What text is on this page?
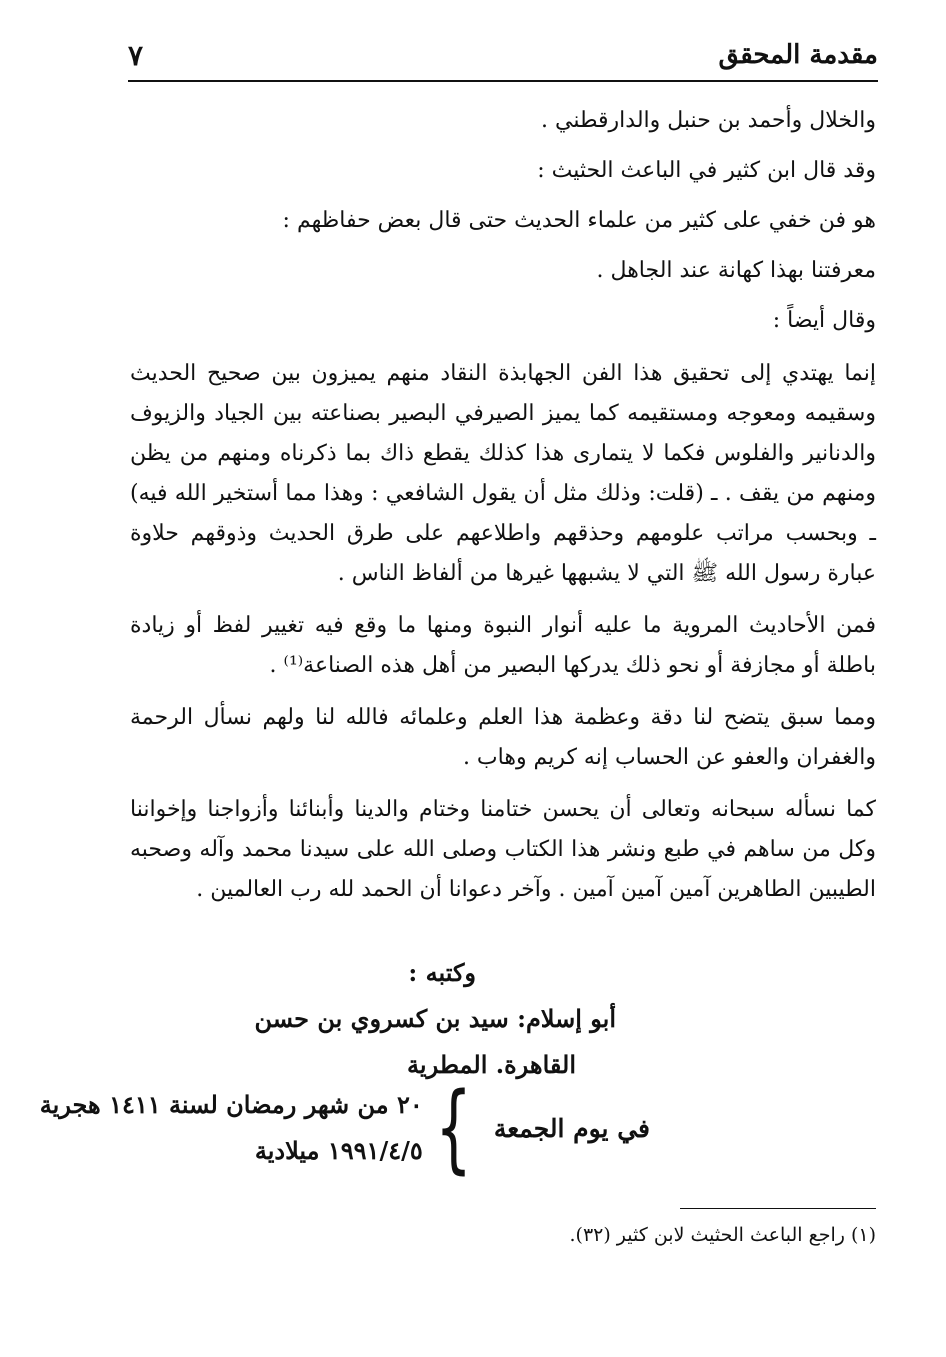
مقدمة المحقق
٧

والخلال وأحمد بن حنبل والدارقطني .

وقد قال ابن كثير في الباعث الحثيث :

هو فن خفي على كثير من علماء الحديث حتى قال بعض حفاظهم :

معرفتنا بهذا كهانة عند الجاهل .

وقال أيضاً :

إنما يهتدي إلى تحقيق هذا الفن الجهابذة النقاد منهم يميزون بين صحيح الحديث وسقيمه ومعوجه ومستقيمه كما يميز الصيرفي البصير بصناعته بين الجياد والزيوف والدنانير والفلوس فكما لا يتمارى هذا كذلك يقطع ذاك بما ذكرناه ومنهم من يظن ومنهم من يقف . ـ (قلت: وذلك مثل أن يقول الشافعي : وهذا مما أستخير الله فيه) ـ وبحسب مراتب علومهم وحذقهم واطلاعهم على طرق الحديث وذوقهم حلاوة عبارة رسول الله ﷺ التي لا يشبهها غيرها من ألفاظ الناس .

فمن الأحاديث المروية ما عليه أنوار النبوة ومنها ما وقع فيه تغيير لفظ أو زيادة باطلة أو مجازفة أو نحو ذلك يدركها البصير من أهل هذه الصناعة⁽¹⁾ .

ومما سبق يتضح لنا دقة وعظمة هذا العلم وعلمائه فالله لنا ولهم نسأل الرحمة والغفران والعفو عن الحساب إنه كريم وهاب .

كما نسأله سبحانه وتعالى أن يحسن ختامنا وختام والدينا وأبنائنا وأزواجنا وإخواننا وكل من ساهم في طبع ونشر هذا الكتاب وصلى الله على سيدنا محمد وآله وصحبه الطيبين الطاهرين آمين آمين آمين . وآخر دعوانا أن الحمد لله رب العالمين .

وكتبه :
أبو إسلام: سيد بن كسروي بن حسن
القاهرة. المطرية
في يوم الجمعة
}
٢٠ من شهر رمضان لسنة ١٤١١ هجرية
١٩٩١/٤/٥ ميلادية
(١) راجع الباعث الحثيث لابن كثير (٣٢).
